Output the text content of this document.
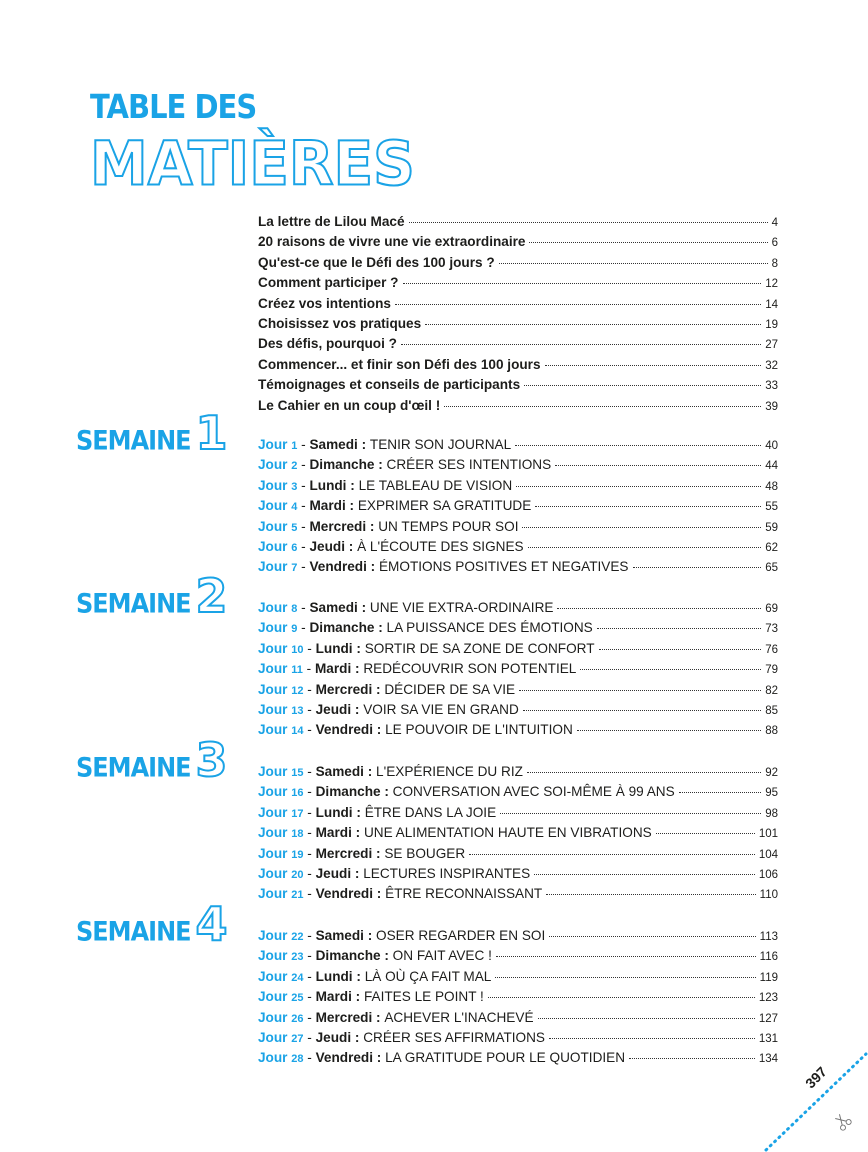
TABLE DES
MATIÈRES
SEMAINE 1
SEMAINE 2
SEMAINE 3
SEMAINE 4
La lettre de Lilou Macé	4
20 raisons de vivre une vie extraordinaire	6
Qu'est-ce que le Défi des 100 jours ?	8
Comment participer ?	12
Créez vos intentions	14
Choisissez vos pratiques	19
Des défis, pourquoi ?	27
Commencer... et finir son Défi des 100 jours	32
Témoignages et conseils de participants	33
Le Cahier en un coup d'œil !	39
Jour 1 - Samedi : TENIR SON JOURNAL	40
Jour 2 - Dimanche : CRÉER SES INTENTIONS	44
Jour 3 - Lundi : LE TABLEAU DE VISION	48
Jour 4 - Mardi : EXPRIMER SA GRATITUDE	55
Jour 5 - Mercredi : UN TEMPS POUR SOI	59
Jour 6 - Jeudi : À L'ÉCOUTE DES SIGNES	62
Jour 7 - Vendredi : ÉMOTIONS POSITIVES ET NEGATIVES	65
Jour 8 - Samedi : UNE VIE EXTRA-ORDINAIRE	69
Jour 9 - Dimanche : LA PUISSANCE DES ÉMOTIONS	73
Jour 10 - Lundi : SORTIR DE SA ZONE DE CONFORT	76
Jour 11 - Mardi : REDÉCOUVRIR SON POTENTIEL	79
Jour 12 - Mercredi : DÉCIDER DE SA VIE	82
Jour 13 - Jeudi : VOIR SA VIE EN GRAND	85
Jour 14 - Vendredi : LE POUVOIR DE L'INTUITION	88
Jour 15 - Samedi : L'EXPÉRIENCE DU RIZ	92
Jour 16 - Dimanche : CONVERSATION AVEC SOI-MÊME À 99 ANS	95
Jour 17 - Lundi : ÊTRE DANS LA JOIE	98
Jour 18 - Mardi : UNE ALIMENTATION HAUTE EN VIBRATIONS	101
Jour 19 - Mercredi : SE BOUGER	104
Jour 20 - Jeudi : LECTURES INSPIRANTES	106
Jour 21 - Vendredi : ÊTRE RECONNAISSANT	110
Jour 22 - Samedi : OSER REGARDER EN SOI	113
Jour 23 - Dimanche : ON FAIT AVEC !	116
Jour 24 - Lundi : LÀ OÙ ÇA FAIT MAL	119
Jour 25 - Mardi : FAITES LE POINT !	123
Jour 26 - Mercredi : ACHEVER L'INACHEVÉ	127
Jour 27 - Jeudi : CRÉER SES AFFIRMATIONS	131
Jour 28 - Vendredi : LA GRATITUDE POUR LE QUOTIDIEN	134
397
